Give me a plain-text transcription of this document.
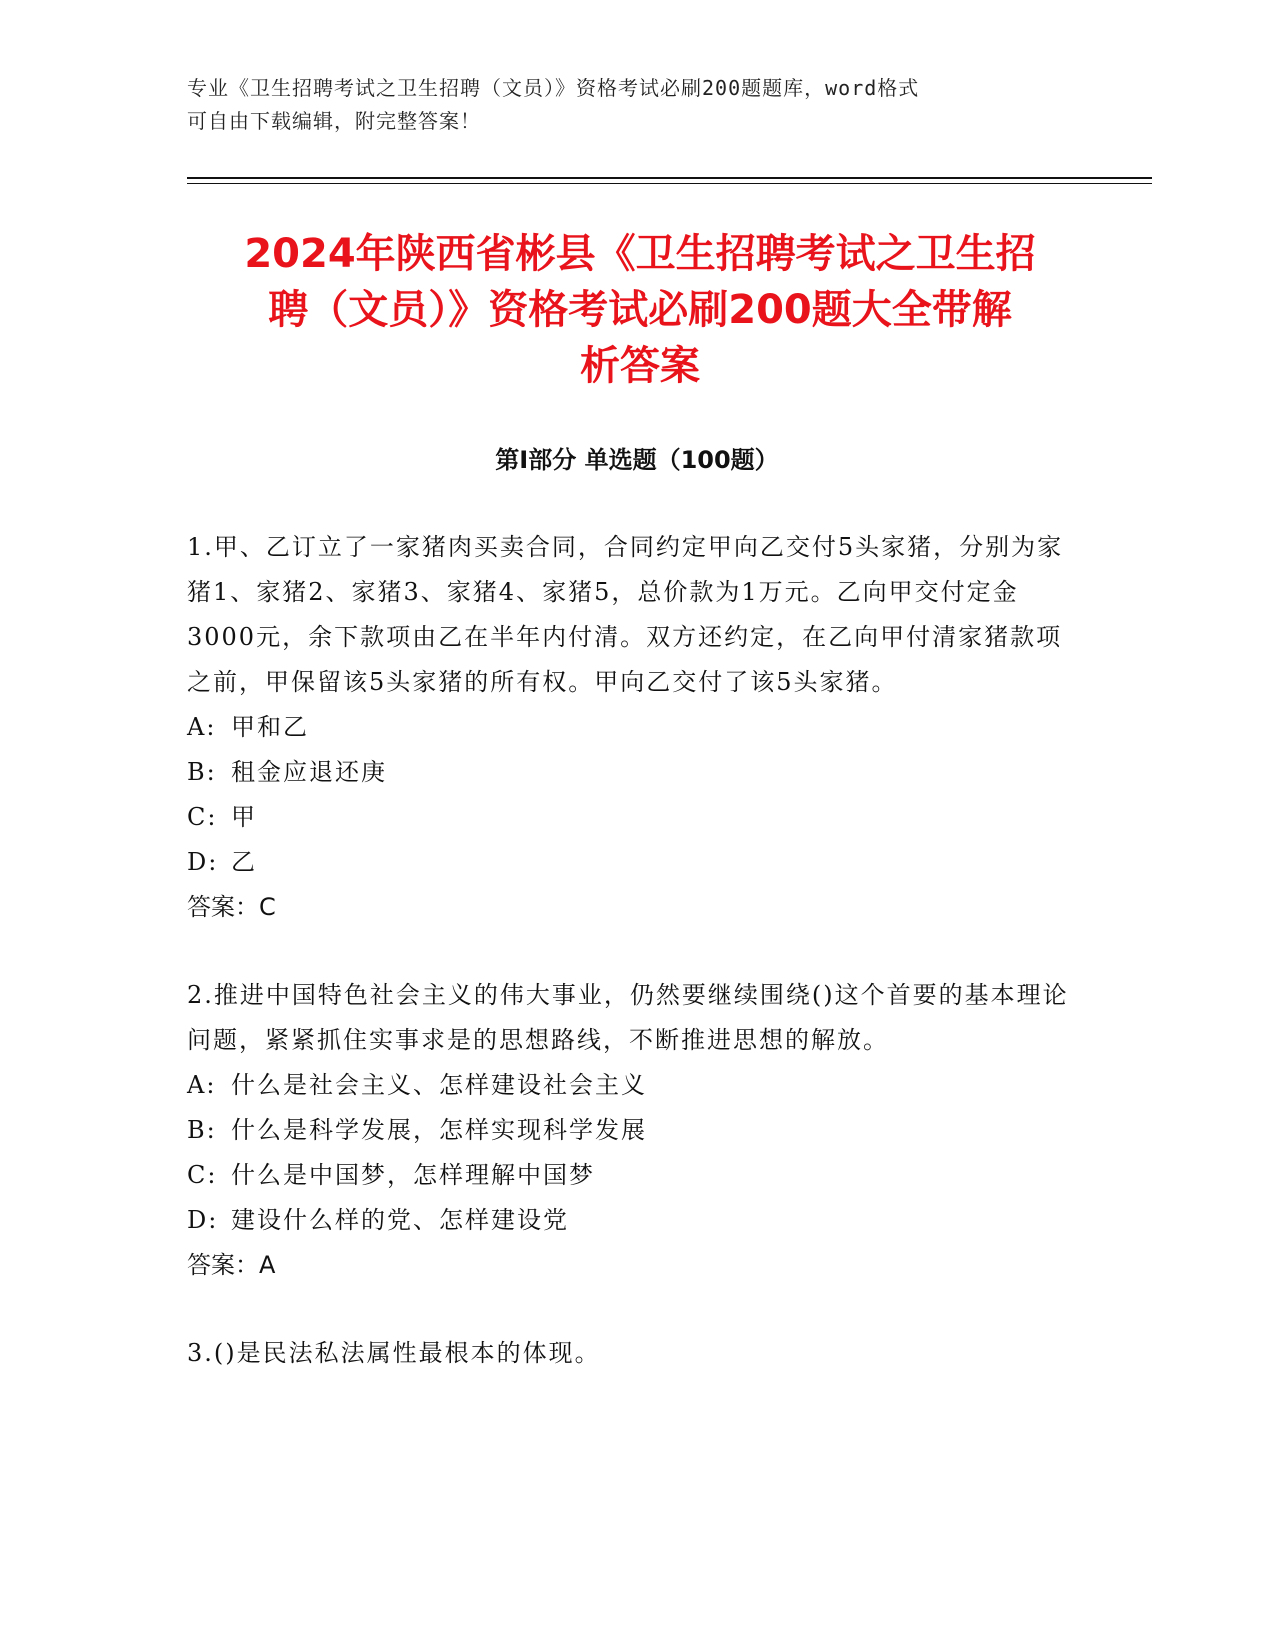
专业《卫生招聘考试之卫生招聘（文员）》资格考试必刷200题题库，word格式
可自由下载编辑，附完整答案！
2024年陕西省彬县《卫生招聘考试之卫生招
聘（文员）》资格考试必刷200题大全带解
析答案
第Ⅰ部分 单选题（100题）

1.甲、乙订立了一家猪肉买卖合同，合同约定甲向乙交付5头家猪，分别为家猪1、家猪2、家猪3、家猪4、家猪5，总价款为1万元。乙向甲交付定金3000元，余下款项由乙在半年内付清。双方还约定，在乙向甲付清家猪款项之前，甲保留该5头家猪的所有权。甲向乙交付了该5头家猪。

A: 甲和乙

B: 租金应退还庚

C: 甲

D: 乙

答案：C

2.推进中国特色社会主义的伟大事业，仍然要继续围绕()这个首要的基本理论问题，紧紧抓住实事求是的思想路线，不断推进思想的解放。

A: 什么是社会主义、怎样建设社会主义

B: 什么是科学发展，怎样实现科学发展

C: 什么是中国梦，怎样理解中国梦

D: 建设什么样的党、怎样建设党

答案：A

3.()是民法私法属性最根本的体现。
